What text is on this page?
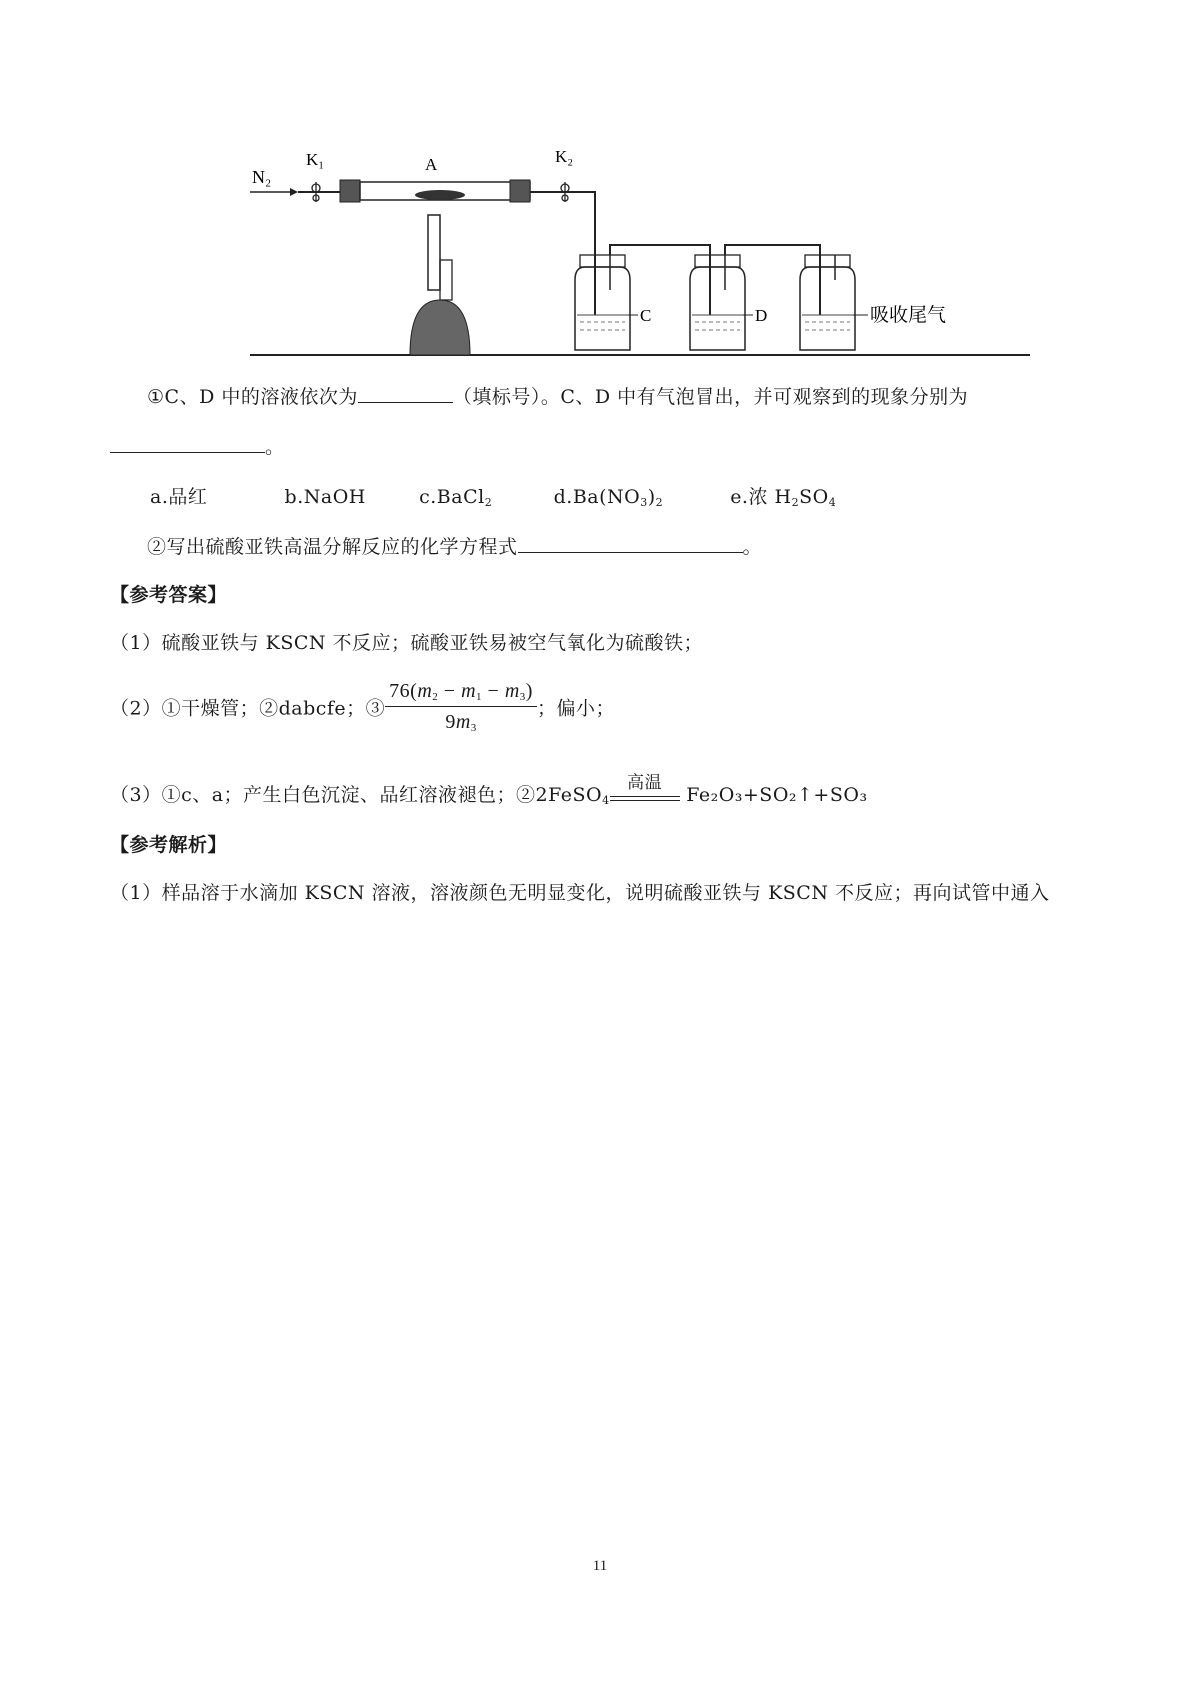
N₂
K₁	A	K₂
C	D	吸收尾气
①C、D 中的溶液依次为	（填标号）。C、D 中有气泡冒出，并可观察到的现象分别为
。
a.品红	b.NaOH	c.BaCl$_2$	$d.Ba(NO_3)_2$	e.浓 $H_2SO_4$
②写出硫酸亚铁高温分解反应的化学方程式	。
【参考答案】
（1）硫酸亚铁与 KSCN 不反应；硫酸亚铁易被空气氧化为硫酸铁；
（2）①干燥管；②dabcfe；③ $\frac{76(m_2 - m_1 - m_3)}{9m_3}$ ；偏小；
（3）①c、a；产生白色沉淀、品红溶液褪色；②2FeSO$_4$
高温
Fe₂O₃+SO₂↑+SO₃
【参考解析】
（1）样品溶于水滴加 KSCN 溶液，溶液颜色无明显变化，说明硫酸亚铁与 KSCN 不反应；再向试管中通入
11
